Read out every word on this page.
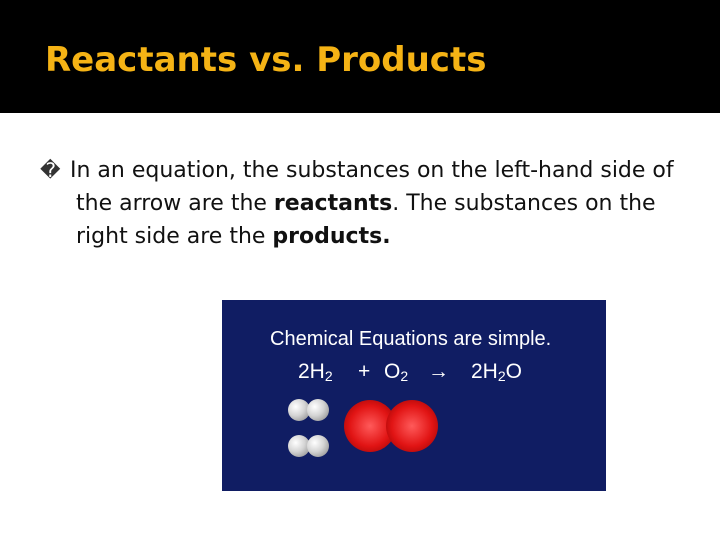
Reactants vs. Products

� In an equation, the substances on the left-hand side of the arrow are the reactants. The substances on the right side are the products.

Chemical Equations are simple.
$2H_2 + O_2 \to 2H_2O$
